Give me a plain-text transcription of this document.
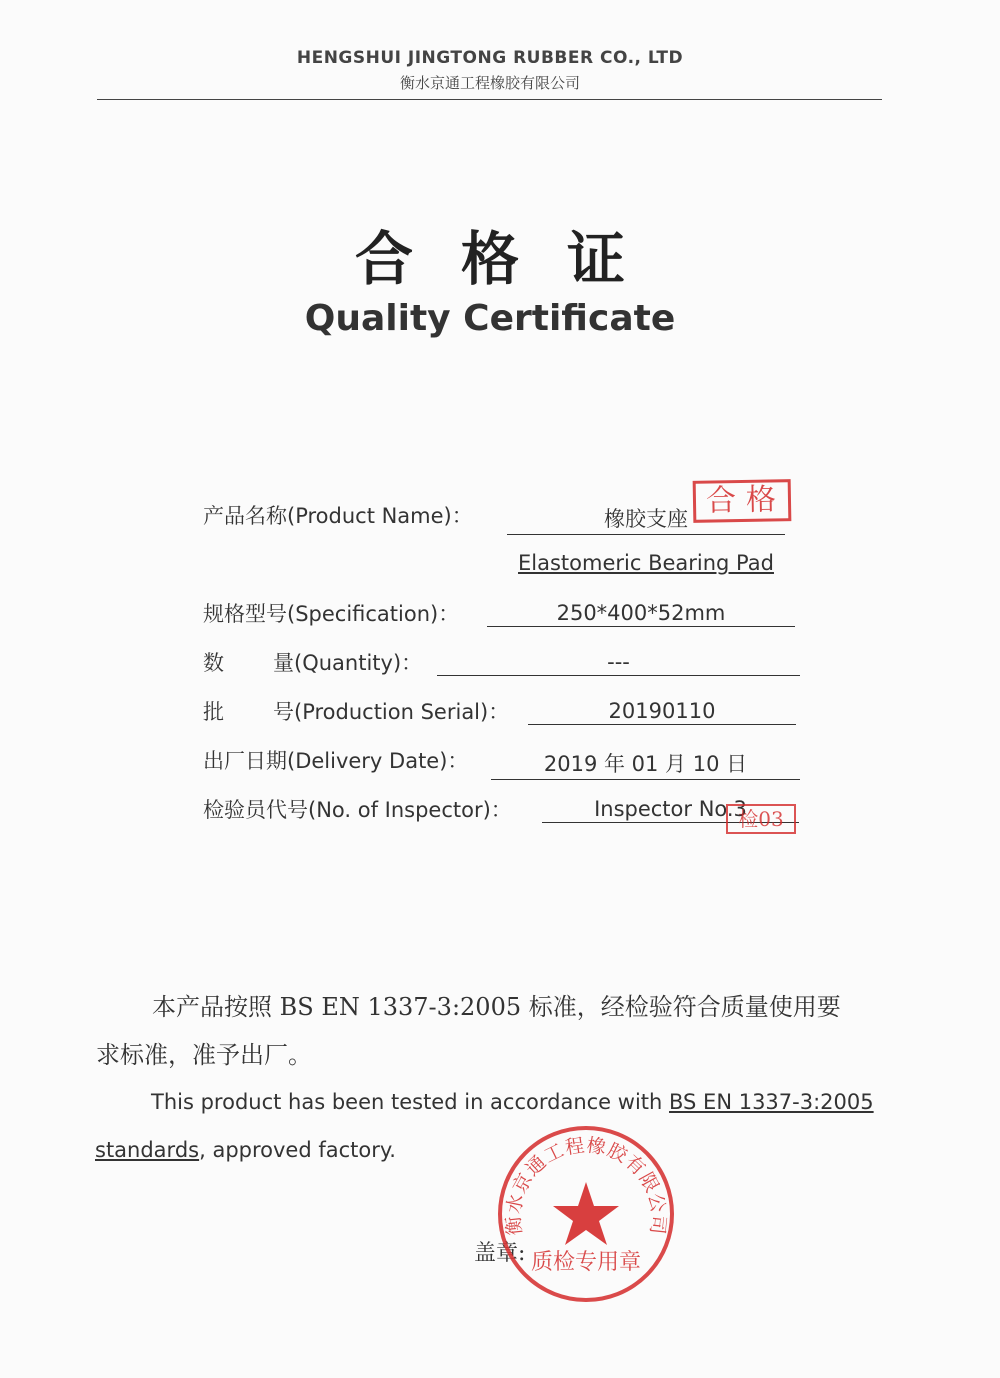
HENGSHUI JINGTONG RUBBER CO., LTD
衡水京通工程橡胶有限公司
合格证
Quality Certificate
产品名称(Product Name)：	橡胶支座
Elastomeric Bearing Pad
规格型号(Specification)：	250*400*52mm
数 量(Quantity)：	---
批 号(Production Serial)：	20190110
出厂日期(Delivery Date)：	2019 年 01 月 10 日
检验员代号(No. of Inspector)：	Inspector No.3
合格
检03
本产品按照 BS EN 1337-3:2005 标准，经检验符合质量使用要
求标准，准予出厂。
This product has been tested in accordance with BS EN 1337-3:2005
standards, approved factory.
盖章:
衡水京通工程橡胶有限公司
质检专用章
